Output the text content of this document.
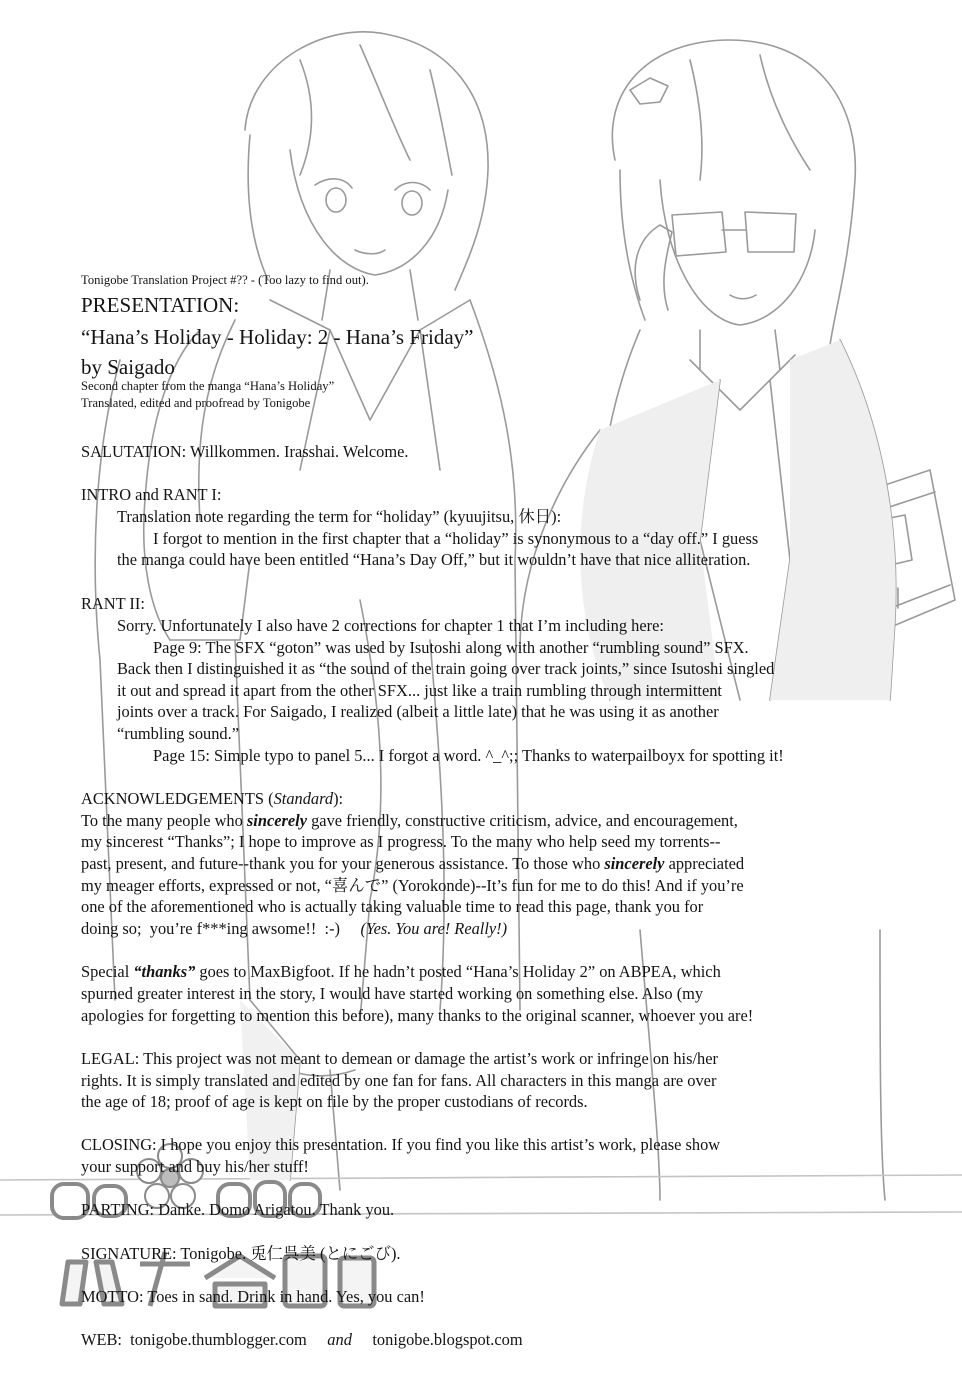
Tonigobe Translation Project #?? - (Too lazy to find out).

PRESENTATION:

“Hana’s Holiday - Holiday: 2 - Hana’s Friday”

by Saigado

Second chapter from the manga “Hana’s Holiday”

Translated, edited and proofread by Tonigobe

SALUTATION: Willkommen. Irasshai. Welcome.

INTRO and RANT I:

Translation note regarding the term for “holiday” (kyuujitsu, 休日):

I forgot to mention in the first chapter that a “holiday” is synonymous to a “day off.” I guess

the manga could have been entitled “Hana’s Day Off,” but it wouldn’t have that nice alliteration.

RANT II:

Sorry. Unfortunately I also have 2 corrections for chapter 1 that I’m including here:

Page 9: The SFX “goton” was used by Isutoshi along with another “rumbling sound” SFX.

Back then I distinguished it as “the sound of the train going over track joints,” since Isutoshi singled

it out and spread it apart from the other SFX... just like a train rumbling through intermittent

joints over a track. For Saigado, I realized (albeit a little late) that he was using it as another

“rumbling sound.”

Page 15: Simple typo to panel 5... I forgot a word. ^_^;; Thanks to waterpailboyx for spotting it!

ACKNOWLEDGEMENTS (Standard):

To the many people who sincerely gave friendly, constructive criticism, advice, and encouragement,

my sincerest “Thanks”; I hope to improve as I progress. To the many who help seed my torrents--

past, present, and future--thank you for your generous assistance. To those who sincerely appreciated

my meager efforts, expressed or not, “喜んで” (Yorokonde)--It’s fun for me to do this! And if you’re

one of the aforementioned who is actually taking valuable time to read this page, thank you for

doing so;  you’re f***ing awsome!!  :-)     (Yes. You are! Really!)

Special “thanks” goes to MaxBigfoot. If he hadn’t posted “Hana’s Holiday 2” on ABPEA, which

spurned greater interest in the story, I would have started working on something else. Also (my

apologies for forgetting to mention this before), many thanks to the original scanner, whoever you are!

LEGAL: This project was not meant to demean or damage the artist’s work or infringe on his/her

rights. It is simply translated and edited by one fan for fans. All characters in this manga are over

the age of 18; proof of age is kept on file by the proper custodians of records.

CLOSING: I hope you enjoy this presentation. If you find you like this artist’s work, please show

your support and buy his/her stuff!

PARTING: Danke. Domo Arigatou. Thank you.

SIGNATURE: Tonigobe. 兎仁呉美 (とにごび).

MOTTO: Toes in sand. Drink in hand. Yes, you can!

WEB:  tonigobe.thumblogger.com     and     tonigobe.blogspot.com
